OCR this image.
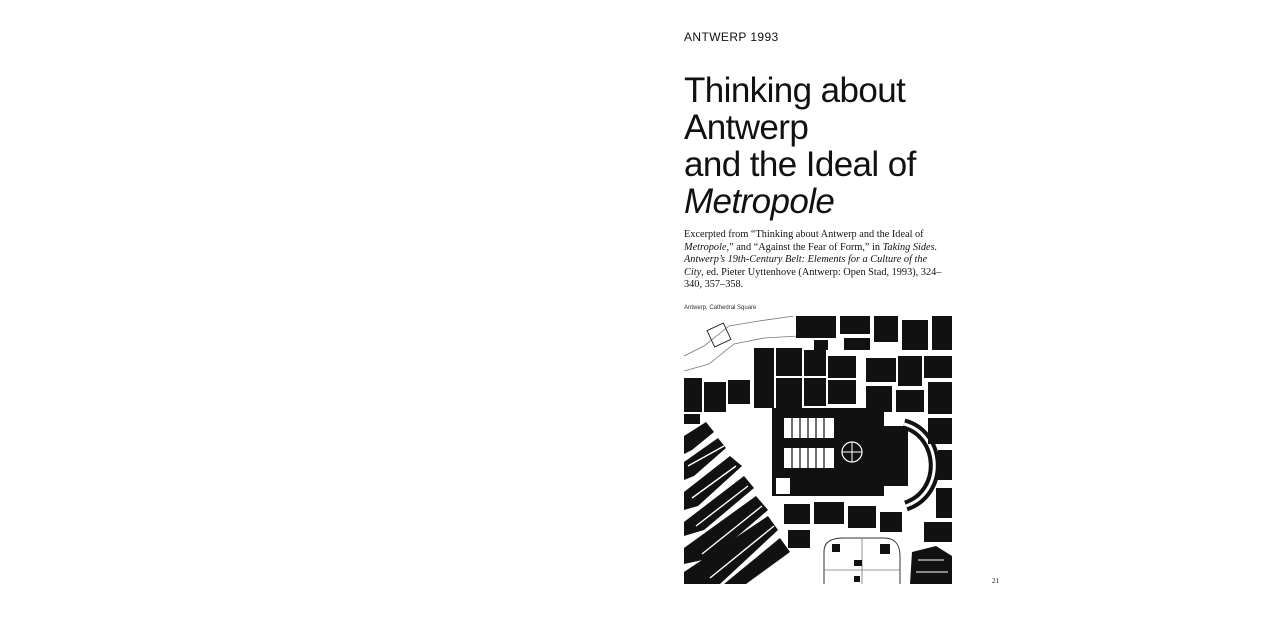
ANTWERP 1993
Thinking about
Antwerp
and the Ideal of
Metropole
Excerpted from “Thinking about Antwerp and the Ideal of Metropole,” and “Against the Fear of Form,” in Taking Sides. Antwerp’s 19th-Century Belt: Elements for a Culture of the City, ed. Pieter Uyttenhove (Antwerp: Open Stad, 1993), 324–340, 357–358.
Antwerp, Cathedral Square
21
